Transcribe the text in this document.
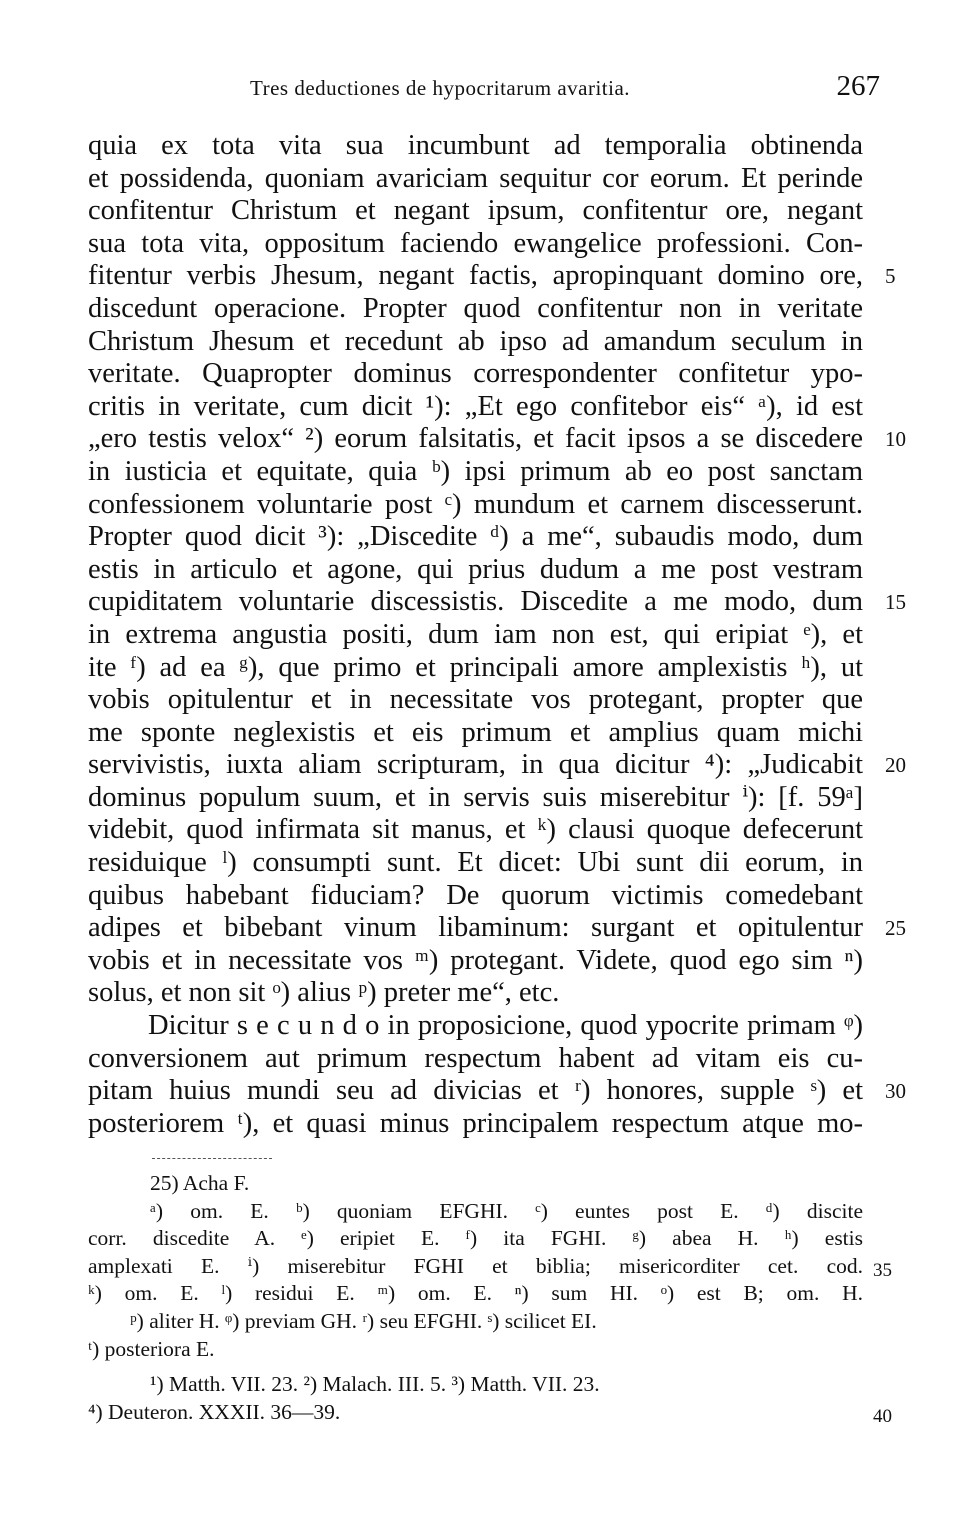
Tres deductiones de hypocritarum avaritia.	267
quia ex tota vita sua incumbunt ad temporalia obtinenda
et possidenda, quoniam avariciam sequitur cor eorum. Et perinde
confitentur Christum et negant ipsum, confitentur ore, negant
sua tota vita, oppositum faciendo ewangelice professioni. Con-
fitentur verbis Jhesum, negant factis, apropinquant domino ore, 5
discedunt operacione. Propter quod confitentur non in veritate
Christum Jhesum et recedunt ab ipso ad amandum seculum in
veritate. Quapropter dominus correspondenter confitetur ypo-
critis in veritate, cum dicit ¹): „Et ego confitebor eis“ ᵃ), id est
„ero testis velox“ ²) eorum falsitatis, et facit ipsos a se discedere 10
in iusticia et equitate, quia ᵇ) ipsi primum ab eo post sanctam
confessionem voluntarie post ᶜ) mundum et carnem discesserunt.
Propter quod dicit ³): „Discedite ᵈ) a me“, subaudis modo, dum
estis in articulo et agone, qui prius dudum a me post vestram
cupiditatem voluntarie discessistis. Discedite a me modo, dum 15
in extrema angustia positi, dum iam non est, qui eripiat ᵉ), et
ite ᶠ) ad ea ᵍ), que primo et principali amore amplexistis ʰ), ut
vobis opitulentur et in necessitate vos protegant, propter que
me sponte neglexistis et eis primum et amplius quam michi
servivistis, iuxta aliam scripturam, in qua dicitur ⁴): „Judicabit 20
dominus populum suum, et in servis suis miserebitur ⁱ): [f. 59ᵃ]
videbit, quod infirmata sit manus, et ᵏ) clausi quoque defecerunt
residuique ˡ) consumpti sunt. Et dicet: Ubi sunt dii eorum, in
quibus habebant fiduciam? De quorum victimis comedebant
adipes et bibebant vinum libaminum: surgant et opitulentur 25
vobis et in necessitate vos ᵐ) protegant. Videte, quod ego sim ⁿ)
solus, et non sit ᵒ) alius ᵖ) preter me“, etc.
Dicitur s e c u n d o in proposicione, quod ypocrite primam ᵠ)
conversionem aut primum respectum habent ad vitam eis cu-
pitam huius mundi seu ad divicias et ʳ) honores, supple ˢ) et 30
posteriorem ᵗ), et quasi minus principalem respectum atque mo-
25) Acha F.
ᵃ) om. E. ᵇ) quoniam EFGHI. ᶜ) euntes post E. ᵈ) discite
corr. discedite A. ᵉ) eripiet E. ᶠ) ita FGHI. ᵍ) abea H. ʰ) estis
amplexati E. ⁱ) miserebitur FGHI et biblia; misericorditer cet. cod. 35
ᵏ) om. E. ˡ) residui E. ᵐ) om. E. ⁿ) sum HI. ᵒ) est B; om. H.
ᵖ) aliter H. ᵠ) previam GH. ʳ) seu EFGHI. ˢ) scilicet EI.
ᵗ) posteriora E.
¹) Matth. VII. 23. ²) Malach. III. 5. ³) Matth. VII. 23.
⁴) Deuteron. XXXII. 36—39.	40
